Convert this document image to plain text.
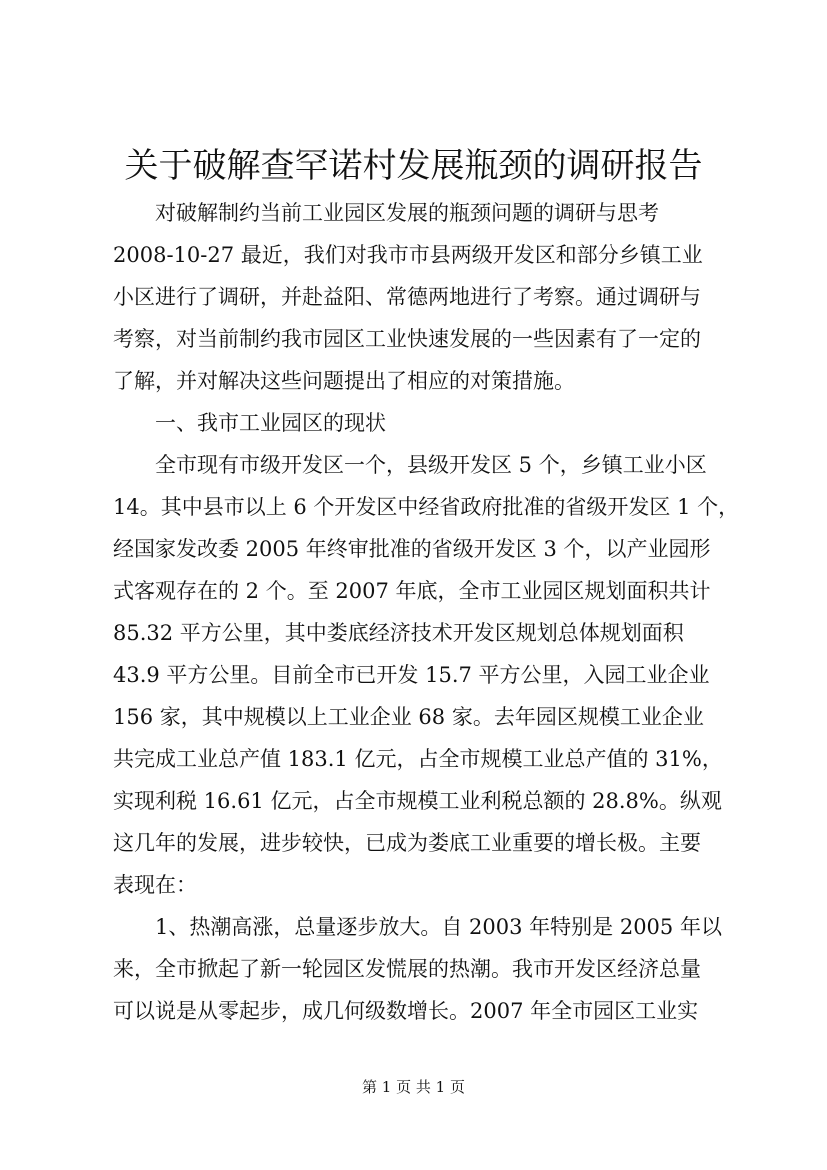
关于破解查罕诺村发展瓶颈的调研报告

　　对破解制约当前工业园区发展的瓶颈问题的调研与思考

2008-10-27 最近，我们对我市市县两级开发区和部分乡镇工业

小区进行了调研，并赴益阳、常德两地进行了考察。通过调研与

考察，对当前制约我市园区工业快速发展的一些因素有了一定的

了解，并对解决这些问题提出了相应的对策措施。

　　一、我市工业园区的现状

　　全市现有市级开发区一个，县级开发区 5 个，乡镇工业小区

14。其中县市以上 6 个开发区中经省政府批准的省级开发区 1 个，

经国家发改委 2005 年终审批准的省级开发区 3 个，以产业园形

式客观存在的 2 个。至 2007 年底，全市工业园区规划面积共计

85.32 平方公里，其中娄底经济技术开发区规划总体规划面积

43.9 平方公里。目前全市已开发 15.7 平方公里，入园工业企业

156 家，其中规模以上工业企业 68 家。去年园区规模工业企业

共完成工业总产值 183.1 亿元，占全市规模工业总产值的 31%，

实现利税 16.61 亿元，占全市规模工业利税总额的 28.8%。纵观

这几年的发展，进步较快，已成为娄底工业重要的增长极。主要

表现在：

　　1、热潮高涨，总量逐步放大。自 2003 年特别是 2005 年以

来，全市掀起了新一轮园区发慌展的热潮。我市开发区经济总量

可以说是从零起步，成几何级数增长。2007 年全市园区工业实

第 1 页 共 1 页
